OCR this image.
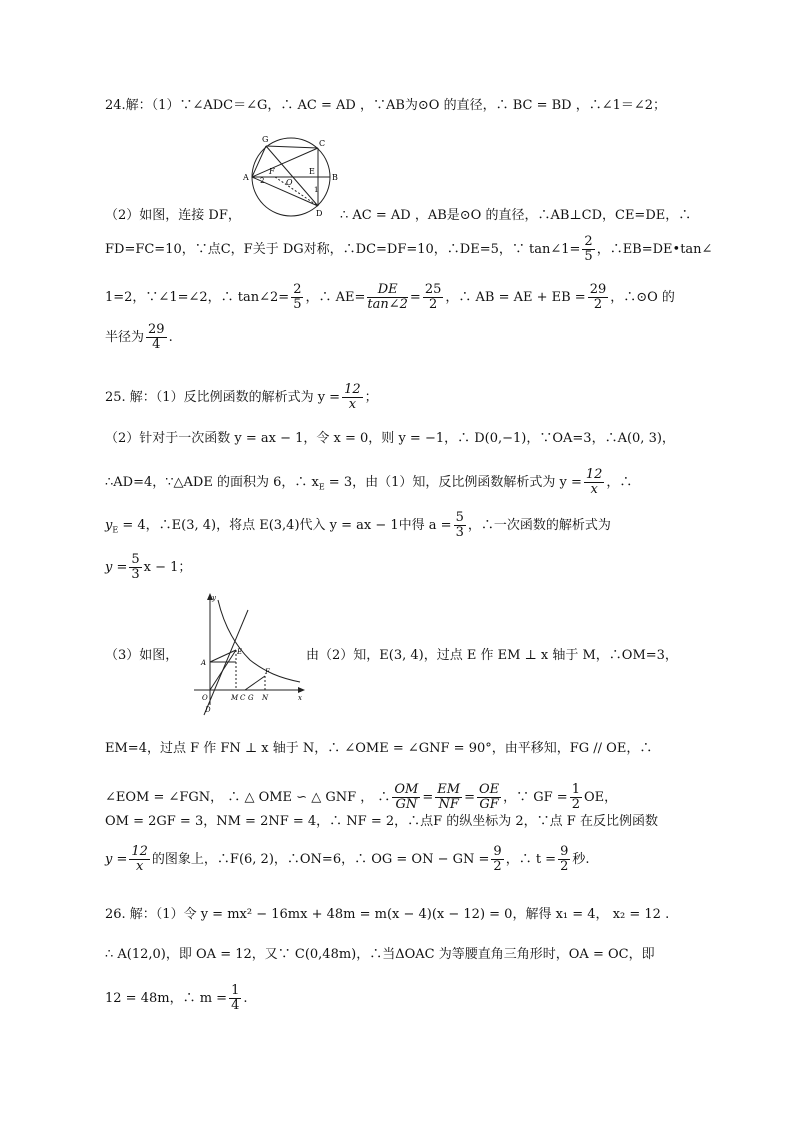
24.解：（1）∵∠ADC＝∠G，∴ AC = AD ，∵AB为⊙O 的直径，∴ BC = BD ，∴∠1＝∠2；
G	C
A
F
O
E
B
D
2
1
（2）如图，连接 DF，	∴ AC = AD ，AB是⊙O 的直径，∴AB⊥CD，CE=DE，∴
FD=FC=10，∵点C，F关于 DG对称，∴DC=DF=10，∴DE=5，∵ tan∠1= $\frac{2}{5}$ ，∴EB=DE•tan∠
1=2，∵∠1=∠2，∴ tan∠2= $\frac{2}{5}$ ，∴ $AE= \frac{DE}{\tan\angle 2} = \frac{25}{2}$ ，∴ AB = AE + EB = $\frac{29}{2}$ ，∴⊙O 的
半径为 $\frac{29}{4}$ .
25. 解：（1）反比例函数的解析式为 $y = \frac{12}{x}$ ；
（2）针对于一次函数 y = ax − 1，令 x = 0，则 y = −1，∴ D(0,−1)，∵OA=3，∴A(0, 3)，
∴AD=4，∵△ADE 的面积为 6，∴ $x_E = 3$，由（1）知，反比例函数解析式为 $y = \frac{12}{x}$ ，∴
$y_E = 4$，∴E(3, 4)，将点 E(3,4)代入 y = ax − 1中得 $a = \frac{5}{3}$ ，∴一次函数的解析式为
$y = \frac{5}{3}$ x − 1；
y
A
E
F
O
D
M C G N	x
（3）如图，	由（2）知，E(3, 4)，过点 E 作 EM ⊥ x 轴于 M，∴OM=3，
EM=4，过点 F 作 FN ⊥ x 轴于 N，∴ ∠OME = ∠GNF = 90°，由平移知，FG // OE，∴
∠EOM = ∠FGN， ∴ △ OME ∽ △ GNF ， ∴ $\frac{OM}{GN} = \frac{EM}{NF} = \frac{OE}{GF}$ ，∵ GF = $\frac{1}{2}$ OE，
OM = 2GF = 3，NM = 2NF = 4，∴ NF = 2，∴点F 的纵坐标为 2，∵点 F 在反比例函数
$y = \frac{12}{x}$ 的图象上，∴F(6, 2)，∴ON=6，∴ OG = ON − GN = $\frac{9}{2}$ ，∴ $t = \frac{9}{2}$ 秒.
26. 解：（1）令 y = mx² − 16mx + 48m = m(x − 4)(x − 12) = 0，解得 x₁ = 4， x₂ = 12 .
∴ A(12,0)，即 OA = 12，又∵ C(0,48m)，∴当ΔOAC 为等腰直角三角形时，OA = OC，即
12 = 48m，∴ $m = \frac{1}{4}$ .
